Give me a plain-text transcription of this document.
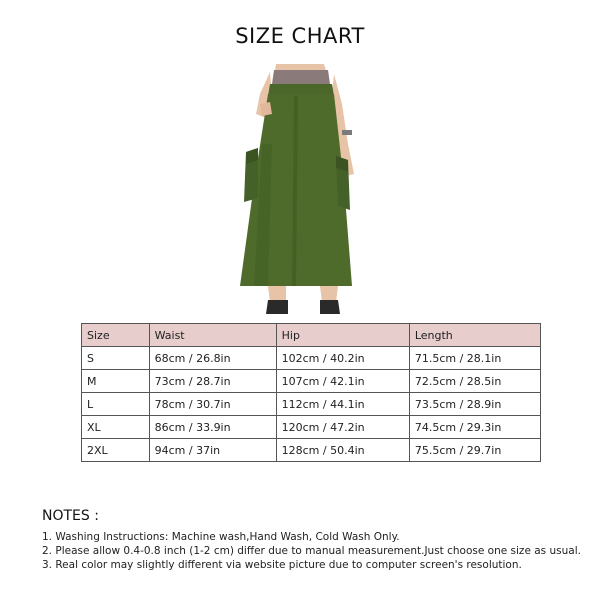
SIZE CHART
Size	Waist	Hip	Length
S	68cm / 26.8in	102cm / 40.2in	71.5cm / 28.1in
M	73cm / 28.7in	107cm / 42.1in	72.5cm / 28.5in
L	78cm / 30.7in	112cm / 44.1in	73.5cm / 28.9in
XL	86cm / 33.9in	120cm / 47.2in	74.5cm / 29.3in
2XL	94cm / 37in	128cm / 50.4in	75.5cm / 29.7in
NOTES :
1. Washing Instructions: Machine wash,Hand Wash, Cold Wash Only.
2. Please allow 0.4-0.8 inch (1-2 cm) differ due to manual measurement.Just choose one size as usual.
3. Real color may slightly different via website picture due to computer screen's resolution.
